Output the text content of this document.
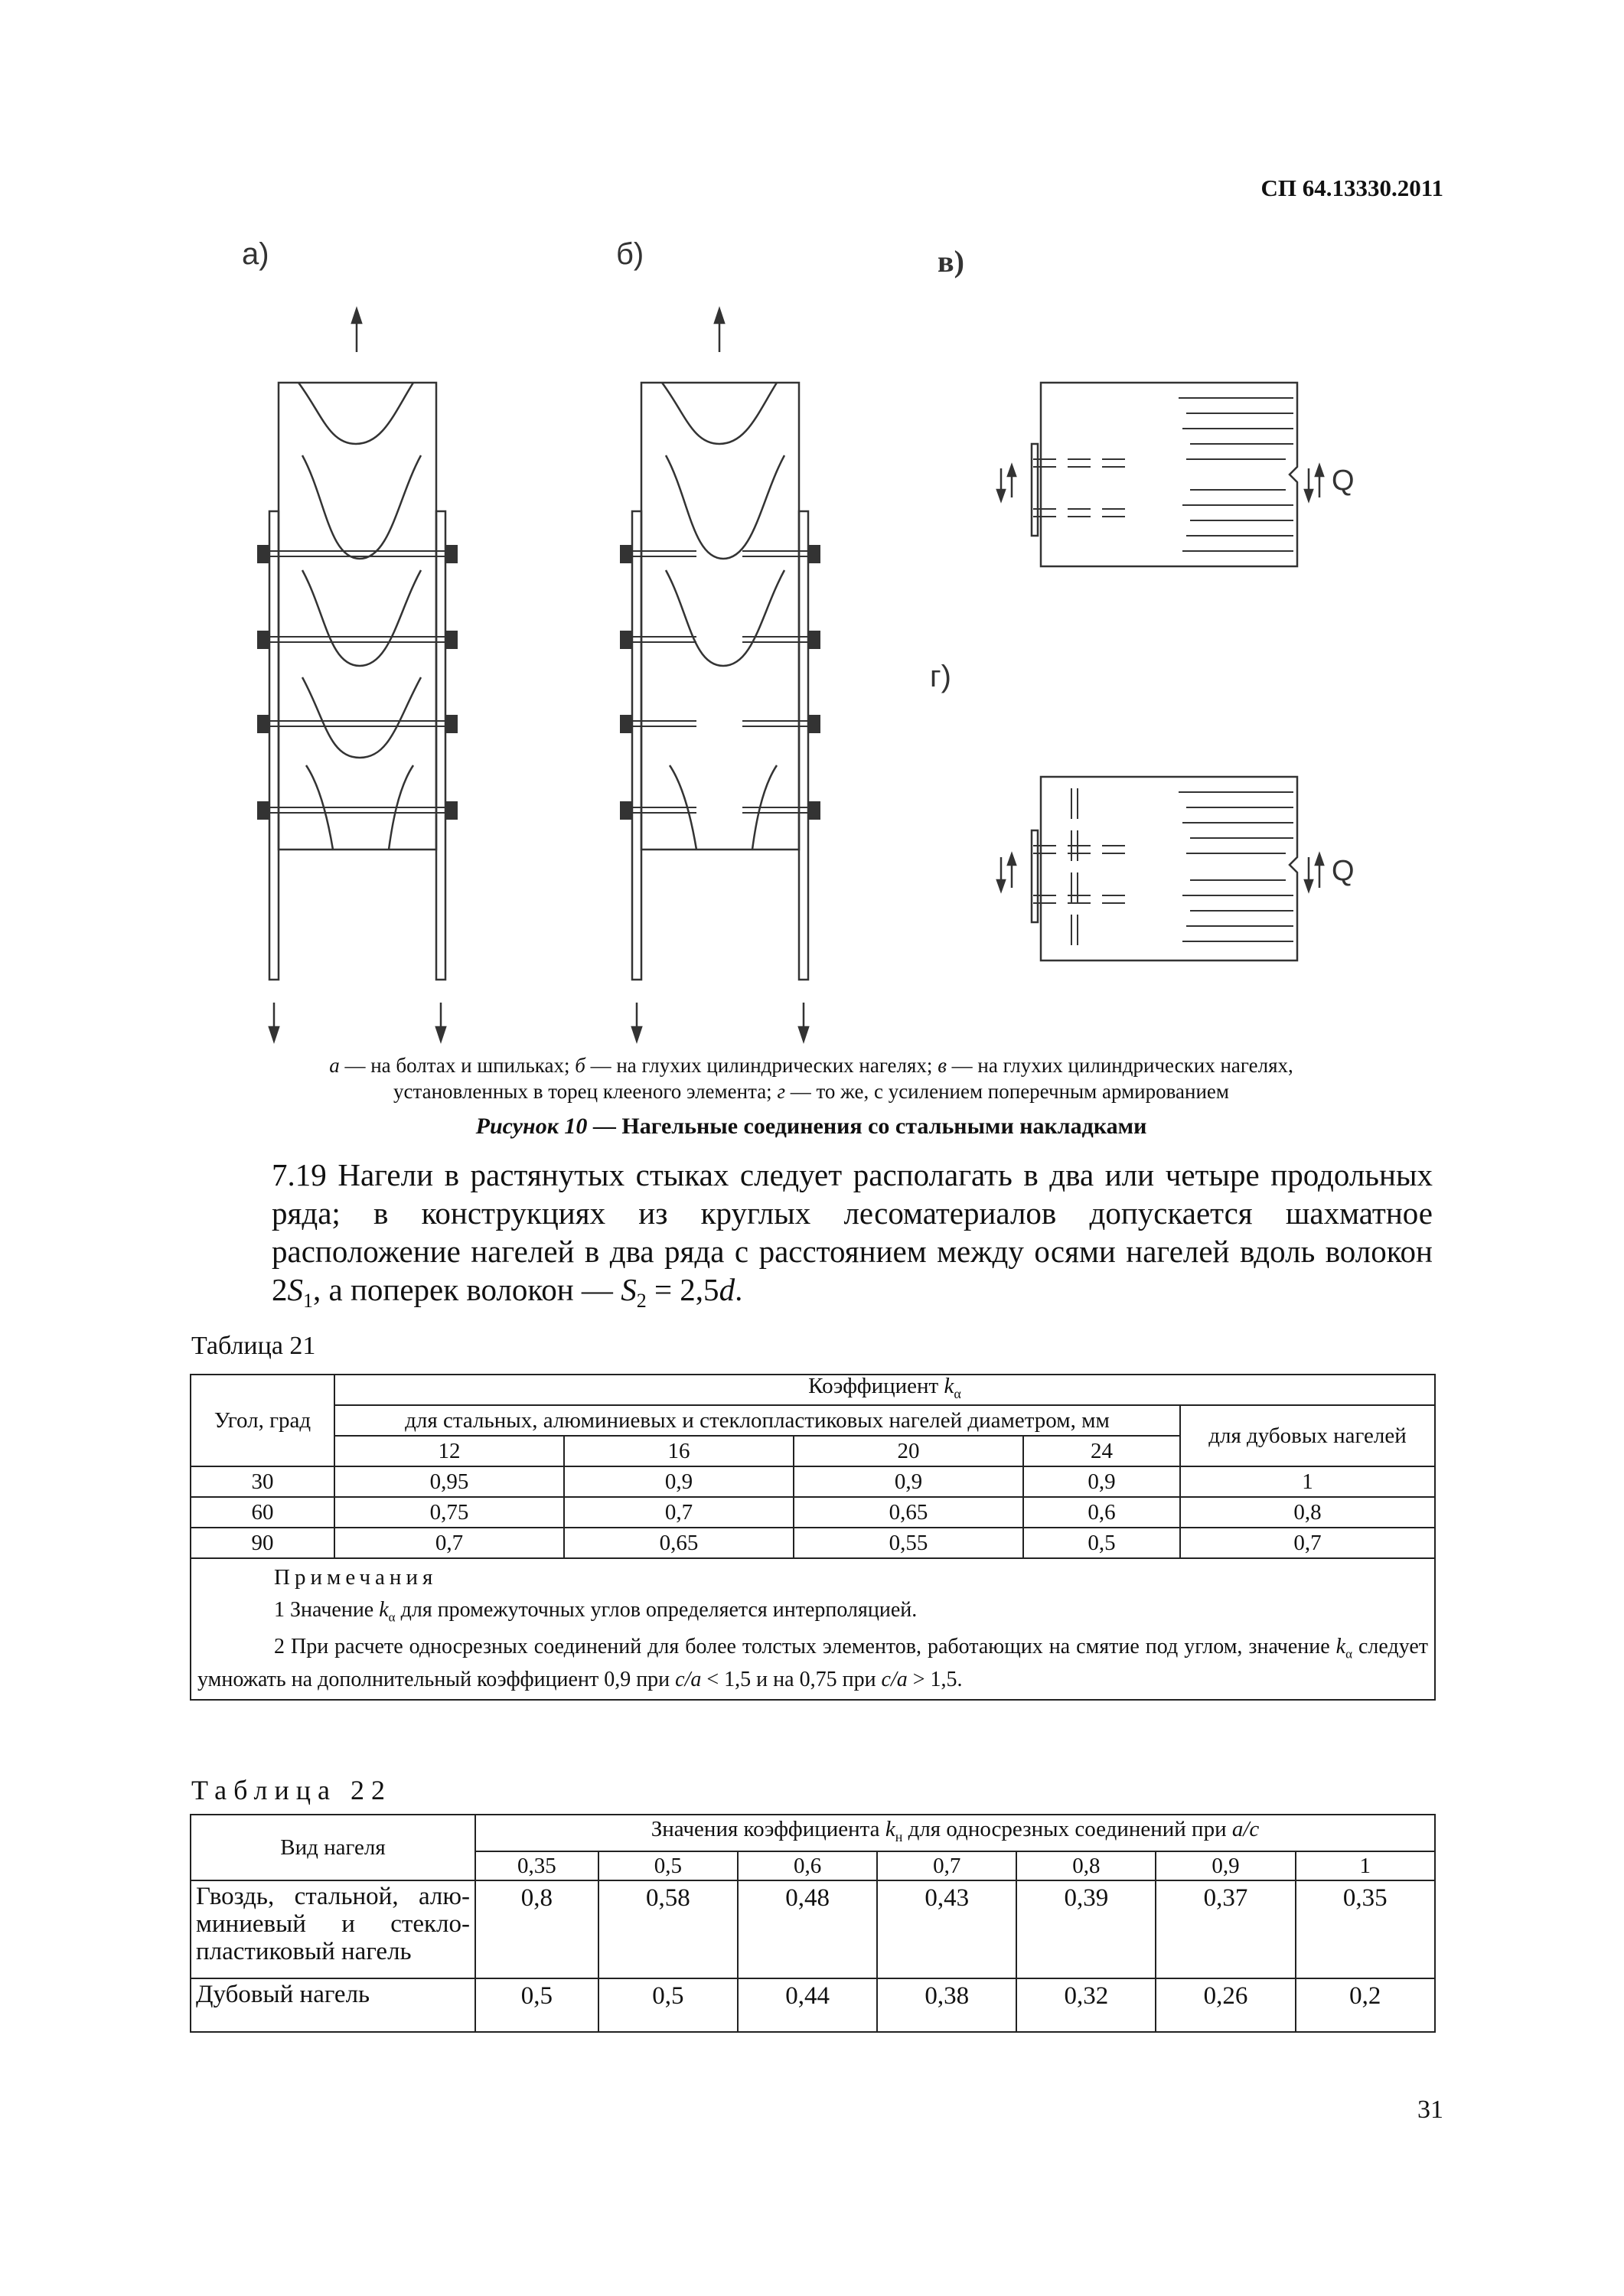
СП 64.13330.2011
а)	б)	в)
г)
Q
Q
а — на болтах и шпильках; б — на глухих цилиндрических нагелях; в — на глухих цилиндрических нагелях,
установленных в торец клееного элемента; г — то же, с усилением поперечным армированием
Рисунок 10 — Нагельные соединения со стальными накладками
7.19 Нагели в растянутых стыках следует располагать в два или четыре продольных ряда; в конструкциях из круглых лесоматериалов допускается шахматное расположение нагелей в два ряда с расстоянием между осями нагелей вдоль волокон $2S_1$, а поперек волокон — $S_2 = 2,5d$.
Таблица 21
Угол, град	Коэффициент $k_\alpha$
	для стальных, алюминиевых и стеклопластиковых нагелей диаметром, мм				для дубовых нагелей
	12	16	20	24	
30	0,95	0,9	0,9	0,9	1
60	0,75	0,7	0,65	0,6	0,8
90	0,7	0,65	0,55	0,5	0,7

Примечания
1 Значение $k_\alpha$ для промежуточных углов определяется интерполяцией.
2 При расчете односрезных соединений для более толстых элементов, работающих на смятие под углом, значение $k_\alpha$ следует умножать на дополнительный коэффициент 0,9 при c/a < 1,5 и на 0,75 при c/a > 1,5.					
Таблица 22
Вид нагеля	Значения коэффициента $k_н$ для односрезных соединений при a/c						
	0,35	0,5	0,6	0,7	0,8	0,9	1
Гвоздь, стальной, алю-миниевый и стекло-пластиковый нагель	0,8	0,58	0,48	0,43	0,39	0,37	0,35
Дубовый нагель	0,5	0,5	0,44	0,38	0,32	0,26	0,2
31
